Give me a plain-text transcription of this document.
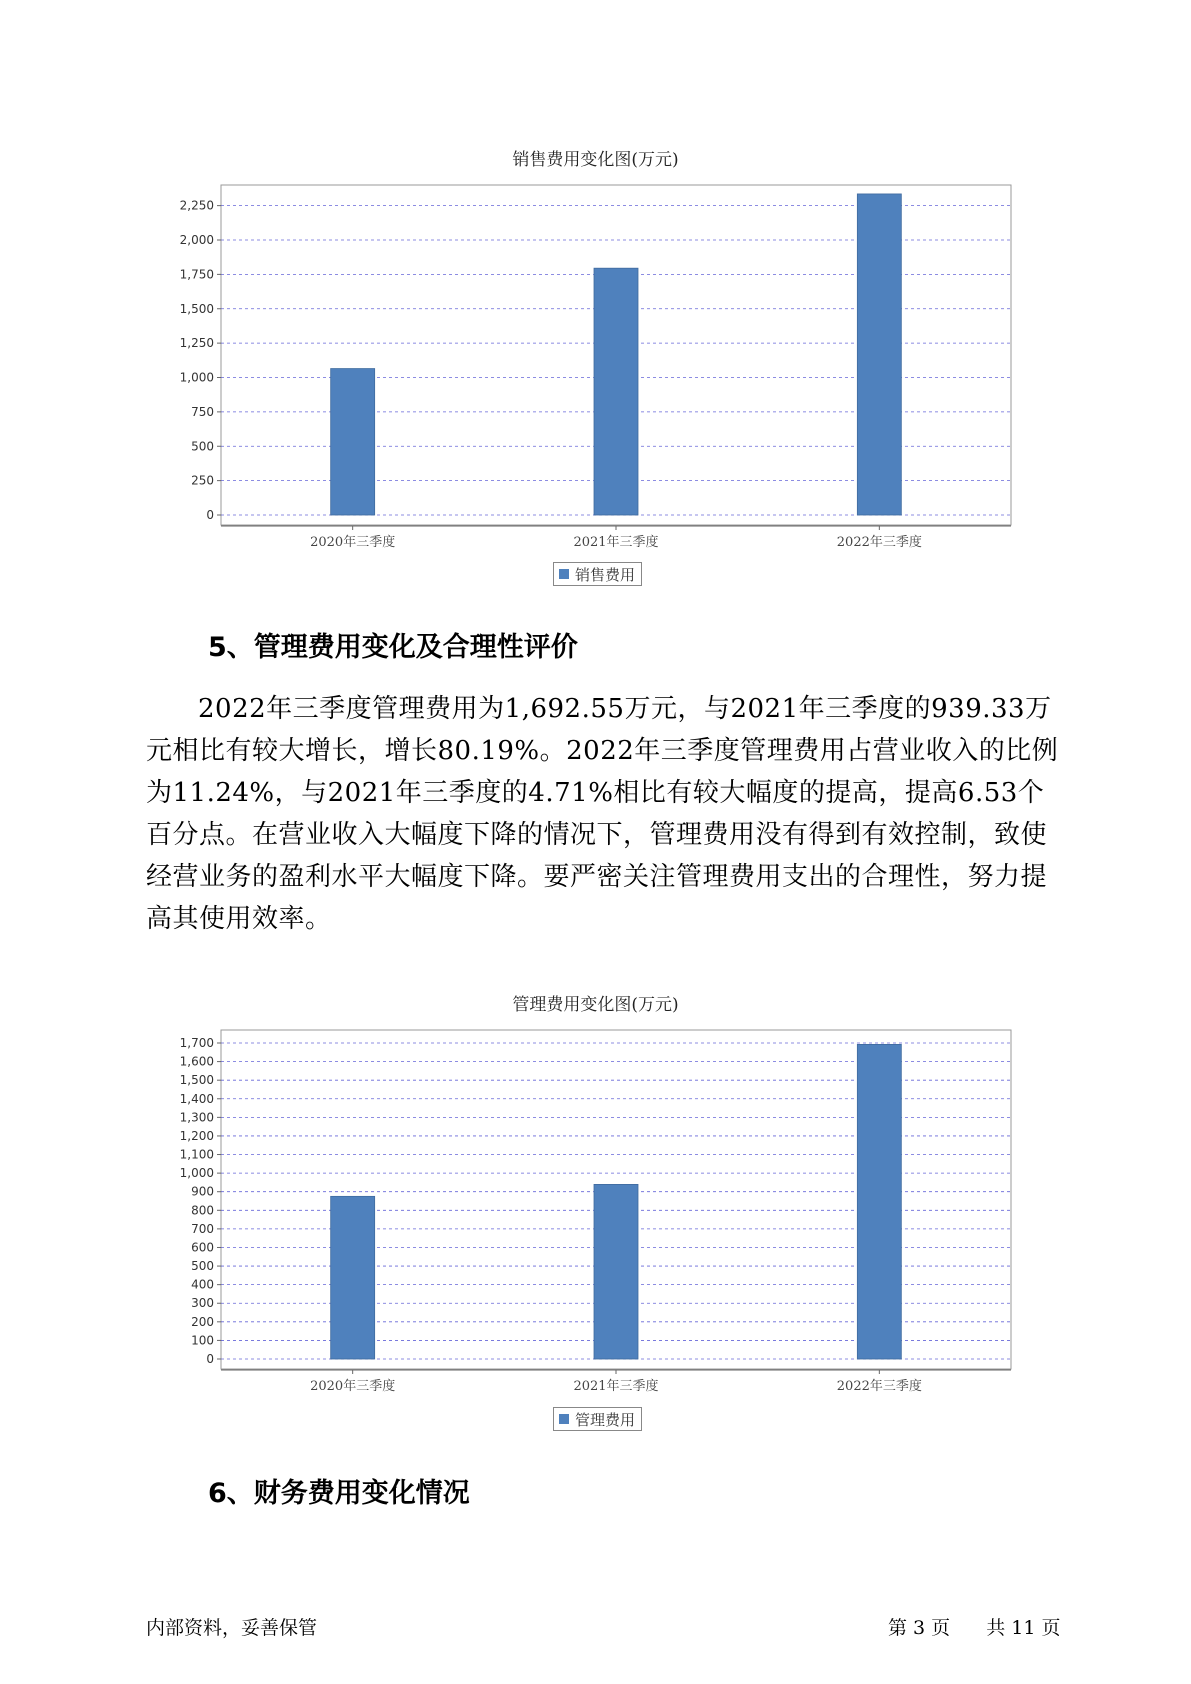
销售费用变化图(万元)
0
250
500
750
1,000
1,250
1,500
1,750
2,000
2,250
2020年三季度	2021年三季度	2022年三季度
销售费用
5、管理费用变化及合理性评价
2022年三季度管理费用为1,692.55万元，与2021年三季度的939.33万元相比有较大增长，增长80.19%。2022年三季度管理费用占营业收入的比例为11.24%，与2021年三季度的4.71%相比有较大幅度的提高，提高6.53个百分点。在营业收入大幅度下降的情况下，管理费用没有得到有效控制，致使经营业务的盈利水平大幅度下降。要严密关注管理费用支出的合理性，努力提高其使用效率。
管理费用变化图(万元)
0
100
200
300
400
500
600
700
800
900
1,000
1,100
1,200
1,300
1,400
1,500
1,600
1,700
2020年三季度	2021年三季度	2022年三季度
管理费用
6、财务费用变化情况
内部资料，妥善保管	第 3 页 共 11 页
